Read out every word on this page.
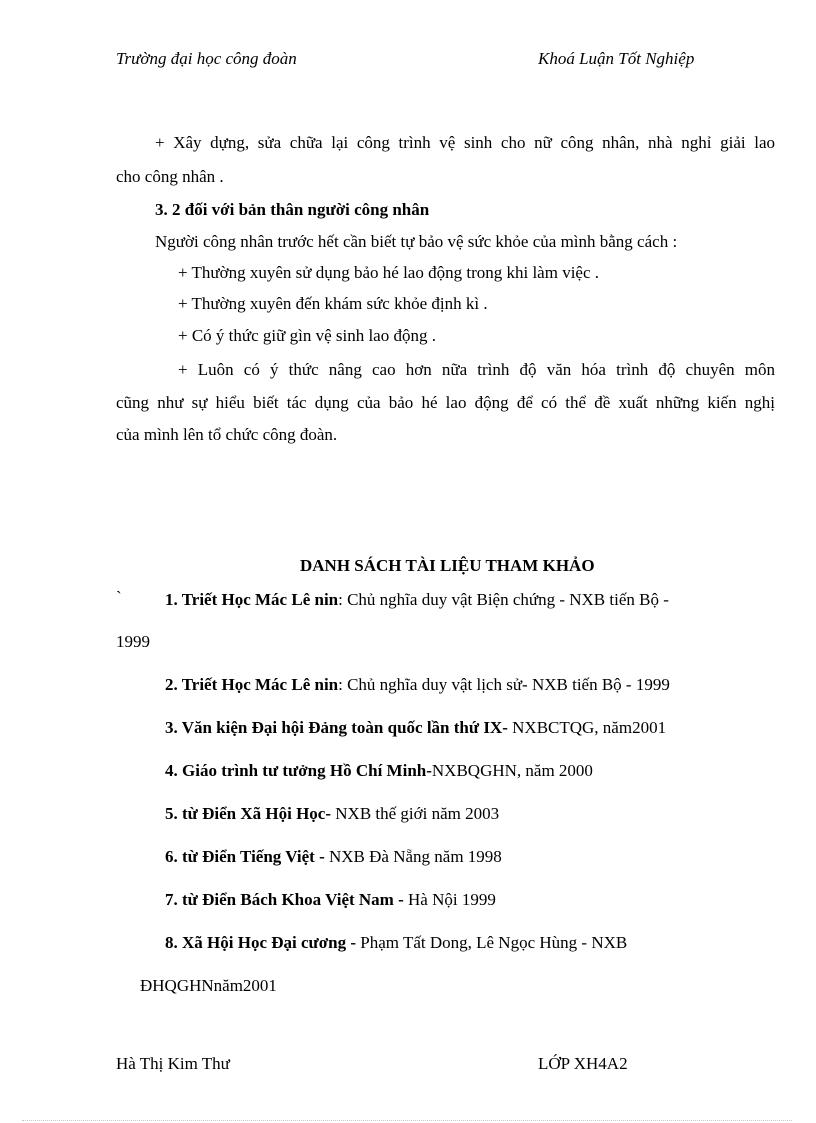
Trường đại học công đoàn	Khoá Luận Tốt Nghiệp
+ Xây dựng, sửa chữa lại công trình vệ sinh cho nữ công nhân, nhà nghỉ giải lao
cho công nhân .
3. 2 đối với bản thân người công nhân
Người công nhân trước hết cần biết tự bảo vệ sức khỏe của mình bằng cách :
+ Thường xuyên sử dụng bảo hé lao động trong khi làm việc .
+ Thường xuyên đến khám sức khỏe định kì .
+ Có ý thức giữ gìn vệ sinh lao động .
+ Luôn có ý thức nâng cao hơn nữa trình độ văn hóa trình độ chuyên môn
cũng như sự hiểu biết tác dụng của bảo hé lao động để có thể đề xuất những kiến nghị
của mình lên tổ chức công đoàn.
DANH SÁCH TÀI LIỆU THAM KHẢO
`	1. Triết Học Mác Lê nin: Chủ nghĩa duy vật Biện chứng - NXB tiến Bộ -
1999
2. Triết Học Mác Lê nin: Chủ nghĩa duy vật lịch sử- NXB tiến Bộ - 1999
3. Văn kiện Đại hội Đảng toàn quốc lần thứ IX- NXBCTQG, năm2001
4. Giáo trình tư tưởng Hồ Chí Minh-NXBQGHN, năm 2000
5. từ Điển Xã Hội Học- NXB thế giới năm 2003
6. từ Điển Tiếng Việt - NXB Đà Nẵng năm 1998
7. từ Điển Bách Khoa Việt Nam - Hà Nội 1999
8. Xã Hội Học Đại cương - Phạm Tất Dong, Lê Ngọc Hùng - NXB
ĐHQGHNnăm2001
Hà Thị Kim Thư	LỚP XH4A2
